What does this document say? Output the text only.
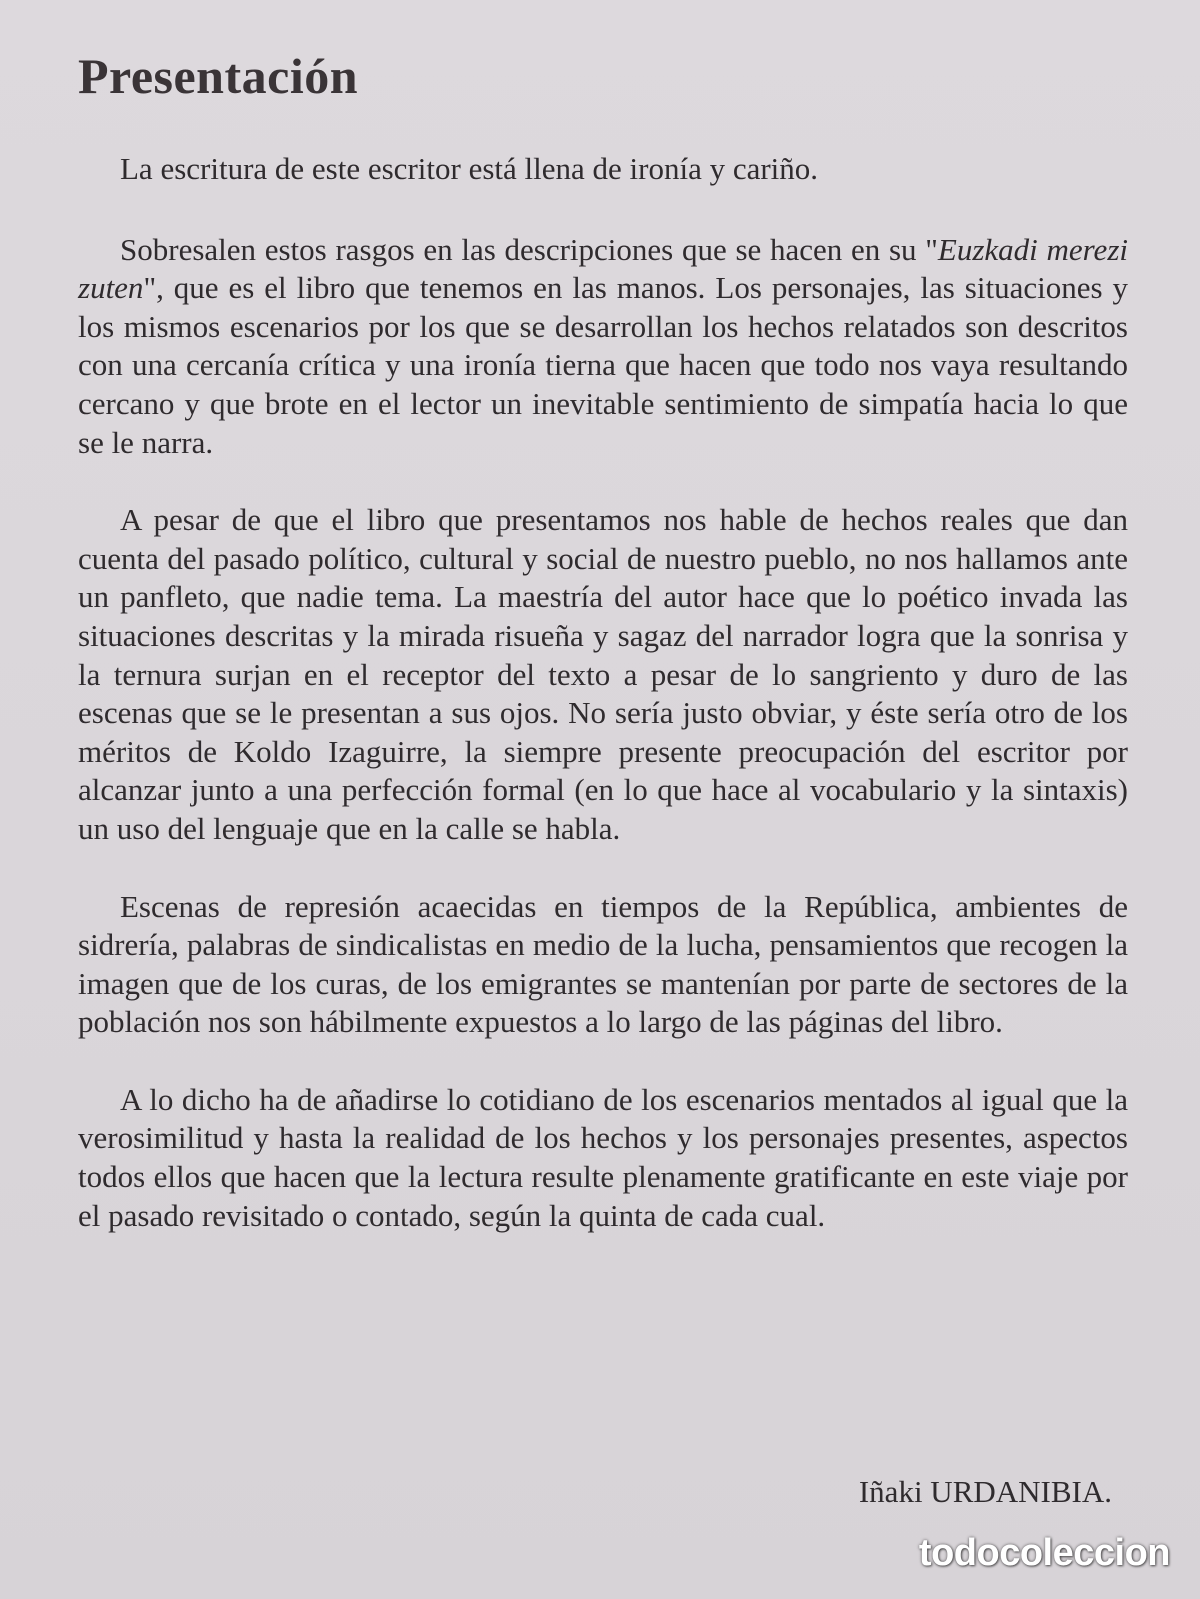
Presentación

La escritura de este escritor está llena de ironía y cariño.

Sobresalen estos rasgos en las descripciones que se hacen en su "Euzkadi merezi zuten", que es el libro que tenemos en las manos. Los personajes, las situaciones y los mismos escenarios por los que se desarrollan los hechos relatados son descritos con una cercanía crítica y una ironía tierna que hacen que todo nos vaya resultando cercano y que brote en el lector un inevitable sentimiento de simpatía hacia lo que se le narra.

A pesar de que el libro que presentamos nos hable de hechos reales que dan cuenta del pasado político, cultural y social de nuestro pueblo, no nos hallamos ante un panfleto, que nadie tema. La maestría del autor hace que lo poético invada las situaciones descritas y la mirada risueña y sagaz del narrador logra que la sonrisa y la ternura surjan en el receptor del texto a pesar de lo sangriento y duro de las escenas que se le presentan a sus ojos. No sería justo obviar, y éste sería otro de los méritos de Koldo Izaguirre, la siempre presente preocupación del escritor por alcanzar junto a una perfección formal (en lo que hace al vocabulario y la sintaxis) un uso del lenguaje que en la calle se habla.

Escenas de represión acaecidas en tiempos de la República, ambientes de sidrería, palabras de sindicalistas en medio de la lucha, pensamientos que recogen la imagen que de los curas, de los emigrantes se mantenían por parte de sectores de la población nos son hábilmente expuestos a lo largo de las páginas del libro.

A lo dicho ha de añadirse lo cotidiano de los escenarios mentados al igual que la verosimilitud y hasta la realidad de los hechos y los personajes presentes, aspectos todos ellos que hacen que la lectura resulte plenamente gratificante en este viaje por el pasado revisitado o contado, según la quinta de cada cual.

Iñaki URDANIBIA.
todocoleccion
